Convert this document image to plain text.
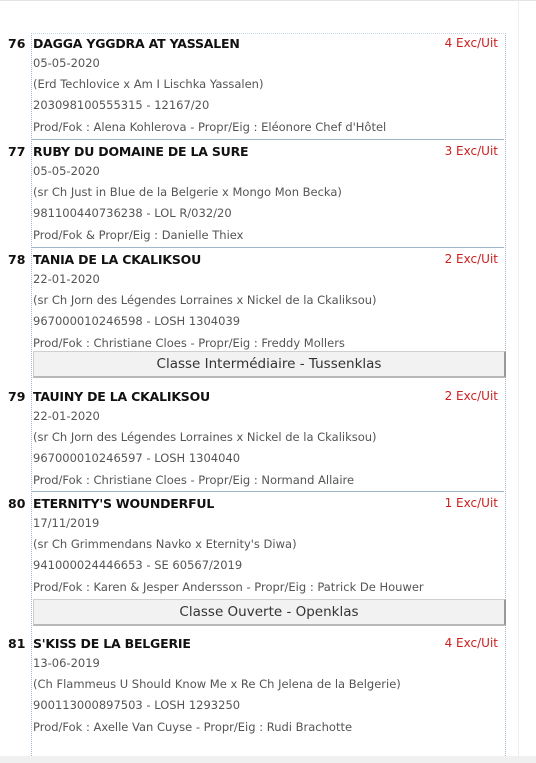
76 DAGGA YGGDRA AT YASSALEN	4 Exc/Uit
05-05-2020
(Erd Techlovice x Am I Lischka Yassalen)
203098100555315 - 12167/20
Prod/Fok : Alena Kohlerova - Propr/Eig : Eléonore Chef d'Hôtel
77 RUBY DU DOMAINE DE LA SURE	3 Exc/Uit
05-05-2020
(sr Ch Just in Blue de la Belgerie x Mongo Mon Becka)
981100440736238 - LOL R/032/20
Prod/Fok & Propr/Eig : Danielle Thiex
78 TANIA DE LA CKALIKSOU	2 Exc/Uit
22-01-2020
(sr Ch Jorn des Légendes Lorraines x Nickel de la Ckaliksou)
967000010246598 - LOSH 1304039
Prod/Fok : Christiane Cloes - Propr/Eig : Freddy Mollers
Classe Intermédiaire - Tussenklas
79 TAUINY DE LA CKALIKSOU	2 Exc/Uit
22-01-2020
(sr Ch Jorn des Légendes Lorraines x Nickel de la Ckaliksou)
967000010246597 - LOSH 1304040
Prod/Fok : Christiane Cloes - Propr/Eig : Normand Allaire
80 ETERNITY'S WOUNDERFUL	1 Exc/Uit
17/11/2019
(sr Ch Grimmendans Navko x Eternity's Diwa)
941000024446653 - SE 60567/2019
Prod/Fok : Karen & Jesper Andersson - Propr/Eig : Patrick De Houwer
Classe Ouverte - Openklas
81 S'KISS DE LA BELGERIE	4 Exc/Uit
13-06-2019
(Ch Flammeus U Should Know Me x Re Ch Jelena de la Belgerie)
900113000897503 - LOSH 1293250
Prod/Fok : Axelle Van Cuyse - Propr/Eig : Rudi Brachotte
